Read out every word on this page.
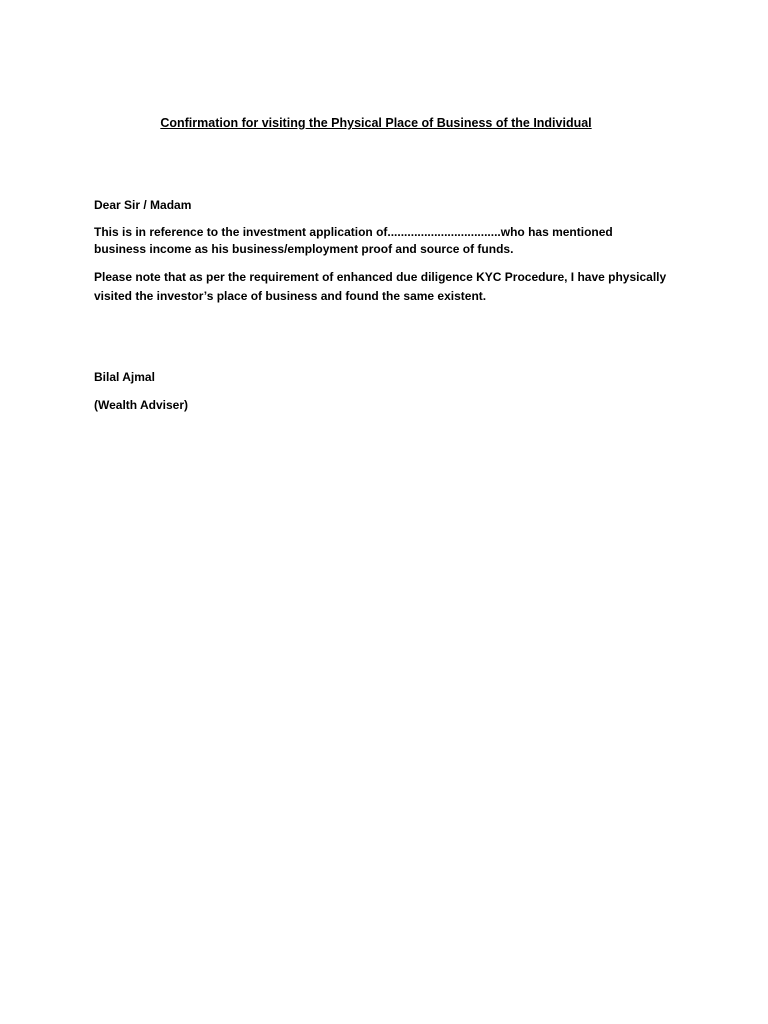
Confirmation for visiting the Physical Place of Business of the Individual
Dear Sir / Madam
This is in reference to the investment application of..................................who has mentioned
business income as his business/employment proof and source of funds.
Please note that as per the requirement of enhanced due diligence KYC Procedure, I have physically
visited the investor’s place of business and found the same existent.
Bilal Ajmal
(Wealth Adviser)
